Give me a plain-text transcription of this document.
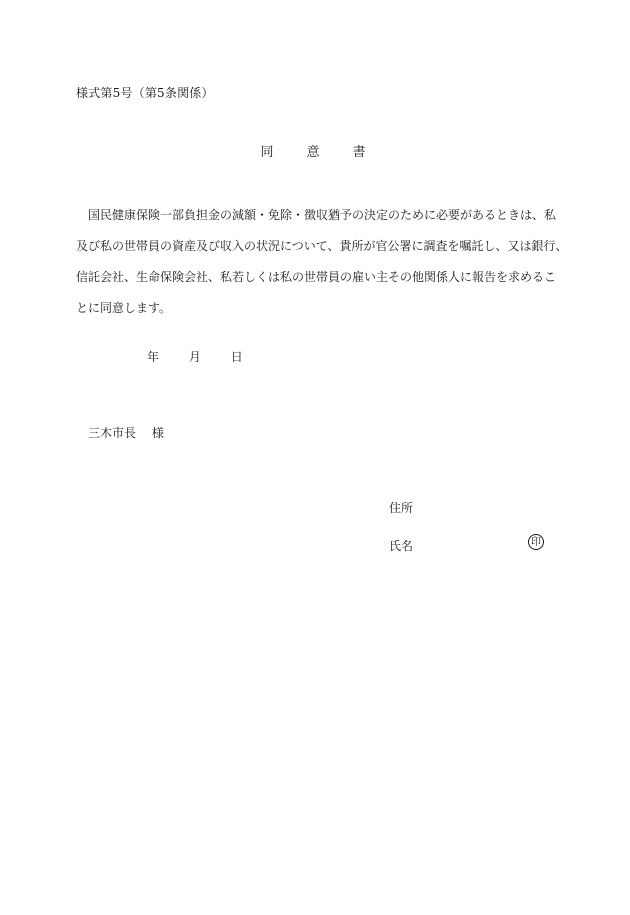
様式第5号（第5条関係）
同　意　書
　国民健康保険一部負担金の減額・免除・徴収猶予の決定のために必要があるときは、私
及び私の世帯員の資産及び収入の状況について、貴所が官公署に調査を嘱託し、又は銀行、
信託会社、生命保険会社、私若しくは私の世帯員の雇い主その他関係人に報告を求めるこ
とに同意します。
年 月 日
三木市長 様
住所
氏名	印
